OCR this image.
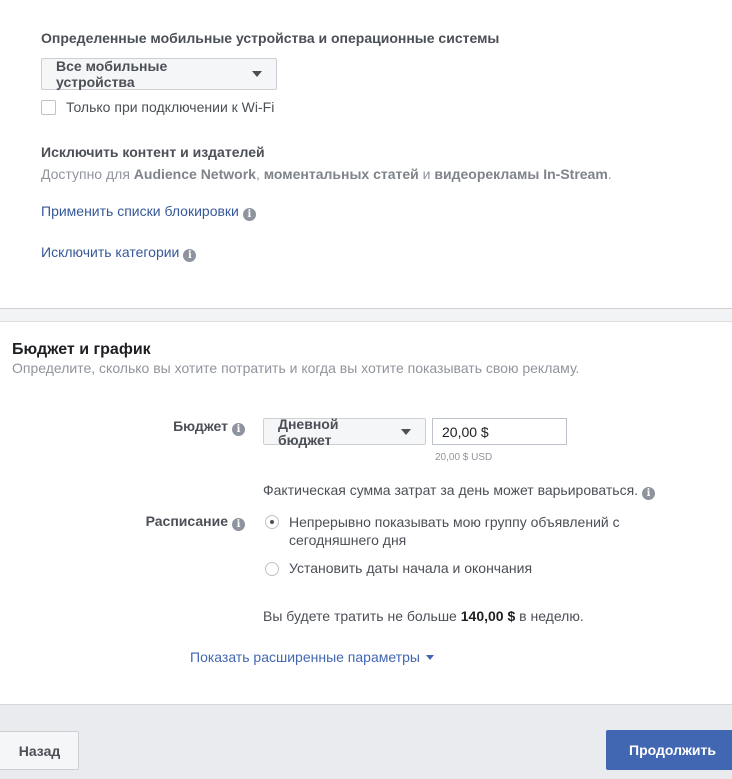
Определенные мобильные устройства и операционные системы
Все мобильные устройства
Только при подключении к Wi-Fi
Исключить контент и издателей
Доступно для Audience Network, моментальных статей и видеорекламы In-Stream.
Применить списки блокировки i
Исключить категории i
Бюджет и график
Определите, сколько вы хотите потратить и когда вы хотите показывать свою рекламу.
Бюджет i	Дневной бюджет
20,00 $
20,00 $ USD
Фактическая сумма затрат за день может варьироваться. i
Расписание i	Непрерывно показывать мою группу объявлений с
сегодняшнего дня
Установить даты начала и окончания
Вы будете тратить не больше 140,00 $ в неделю.
Показать расширенные параметры
Назад	Продолжить
